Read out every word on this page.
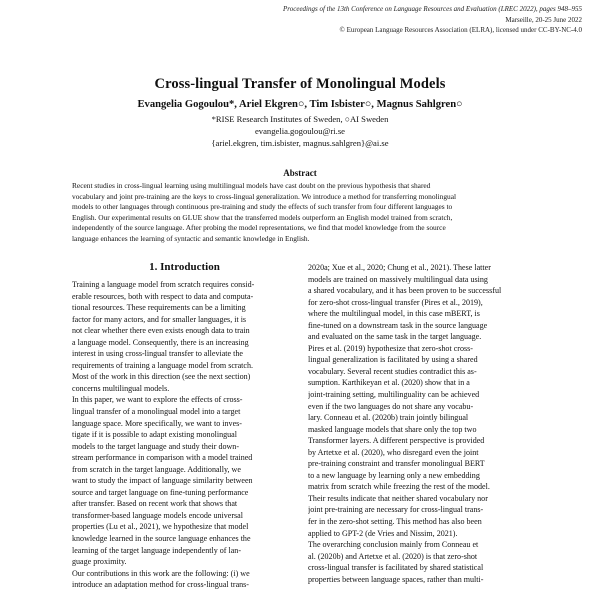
Proceedings of the 13th Conference on Language Resources and Evaluation (LREC 2022), pages 948–955
Marseille, 20-25 June 2022
© European Language Resources Association (ELRA), licensed under CC-BY-NC-4.0
Cross-lingual Transfer of Monolingual Models
Evangelia Gogoulou*, Ariel Ekgren○, Tim Isbister○, Magnus Sahlgren○
*RISE Research Institutes of Sweden, ○AI Sweden
evangelia.gogoulou@ri.se
{ariel.ekgren, tim.isbister, magnus.sahlgren}@ai.se
Abstract
Recent studies in cross-lingual learning using multilingual models have cast doubt on the previous hypothesis that shared
vocabulary and joint pre-training are the keys to cross-lingual generalization. We introduce a method for transferring monolingual
models to other languages through continuous pre-training and study the effects of such transfer from four different languages to
English. Our experimental results on GLUE show that the transferred models outperform an English model trained from scratch,
independently of the source language. After probing the model representations, we find that model knowledge from the source
language enhances the learning of syntactic and semantic knowledge in English.
1. Introduction
Training a language model from scratch requires consid-
erable resources, both with respect to data and computa-
tional resources. These requirements can be a limiting
factor for many actors, and for smaller languages, it is
not clear whether there even exists enough data to train
a language model. Consequently, there is an increasing
interest in using cross-lingual transfer to alleviate the
requirements of training a language model from scratch.
Most of the work in this direction (see the next section)
concerns multilingual models.
In this paper, we want to explore the effects of cross-
lingual transfer of a monolingual model into a target
language space. More specifically, we want to inves-
tigate if it is possible to adapt existing monolingual
models to the target language and study their down-
stream performance in comparison with a model trained
from scratch in the target language. Additionally, we
want to study the impact of language similarity between
source and target language on fine-tuning performance
after transfer. Based on recent work that shows that
transformer-based language models encode universal
properties (Lu et al., 2021), we hypothesize that model
knowledge learned in the source language enhances the
learning of the target language independently of lan-
guage proximity.
Our contributions in this work are the following: (i) we
introduce an adaptation method for cross-lingual trans-
2020a; Xue et al., 2020; Chung et al., 2021). These latter
models are trained on massively multilingual data using
a shared vocabulary, and it has been proven to be successful
for zero-shot cross-lingual transfer (Pires et al., 2019),
where the multilingual model, in this case mBERT, is
fine-tuned on a downstream task in the source language
and evaluated on the same task in the target language.
Pires et al. (2019) hypothesize that zero-shot cross-
lingual generalization is facilitated by using a shared
vocabulary. Several recent studies contradict this as-
sumption. Karthikeyan et al. (2020) show that in a
joint-training setting, multilinguality can be achieved
even if the two languages do not share any vocabu-
lary. Conneau et al. (2020b) train jointly bilingual
masked language models that share only the top two
Transformer layers. A different perspective is provided
by Artetxe et al. (2020), who disregard even the joint
pre-training constraint and transfer monolingual BERT
to a new language by learning only a new embedding
matrix from scratch while freezing the rest of the model.
Their results indicate that neither shared vocabulary nor
joint pre-training are necessary for cross-lingual trans-
fer in the zero-shot setting. This method has also been
applied to GPT-2 (de Vries and Nissim, 2021).
The overarching conclusion mainly from Conneau et
al. (2020b) and Artetxe et al. (2020) is that zero-shot
cross-lingual transfer is facilitated by shared statistical
properties between language spaces, rather than multi-
